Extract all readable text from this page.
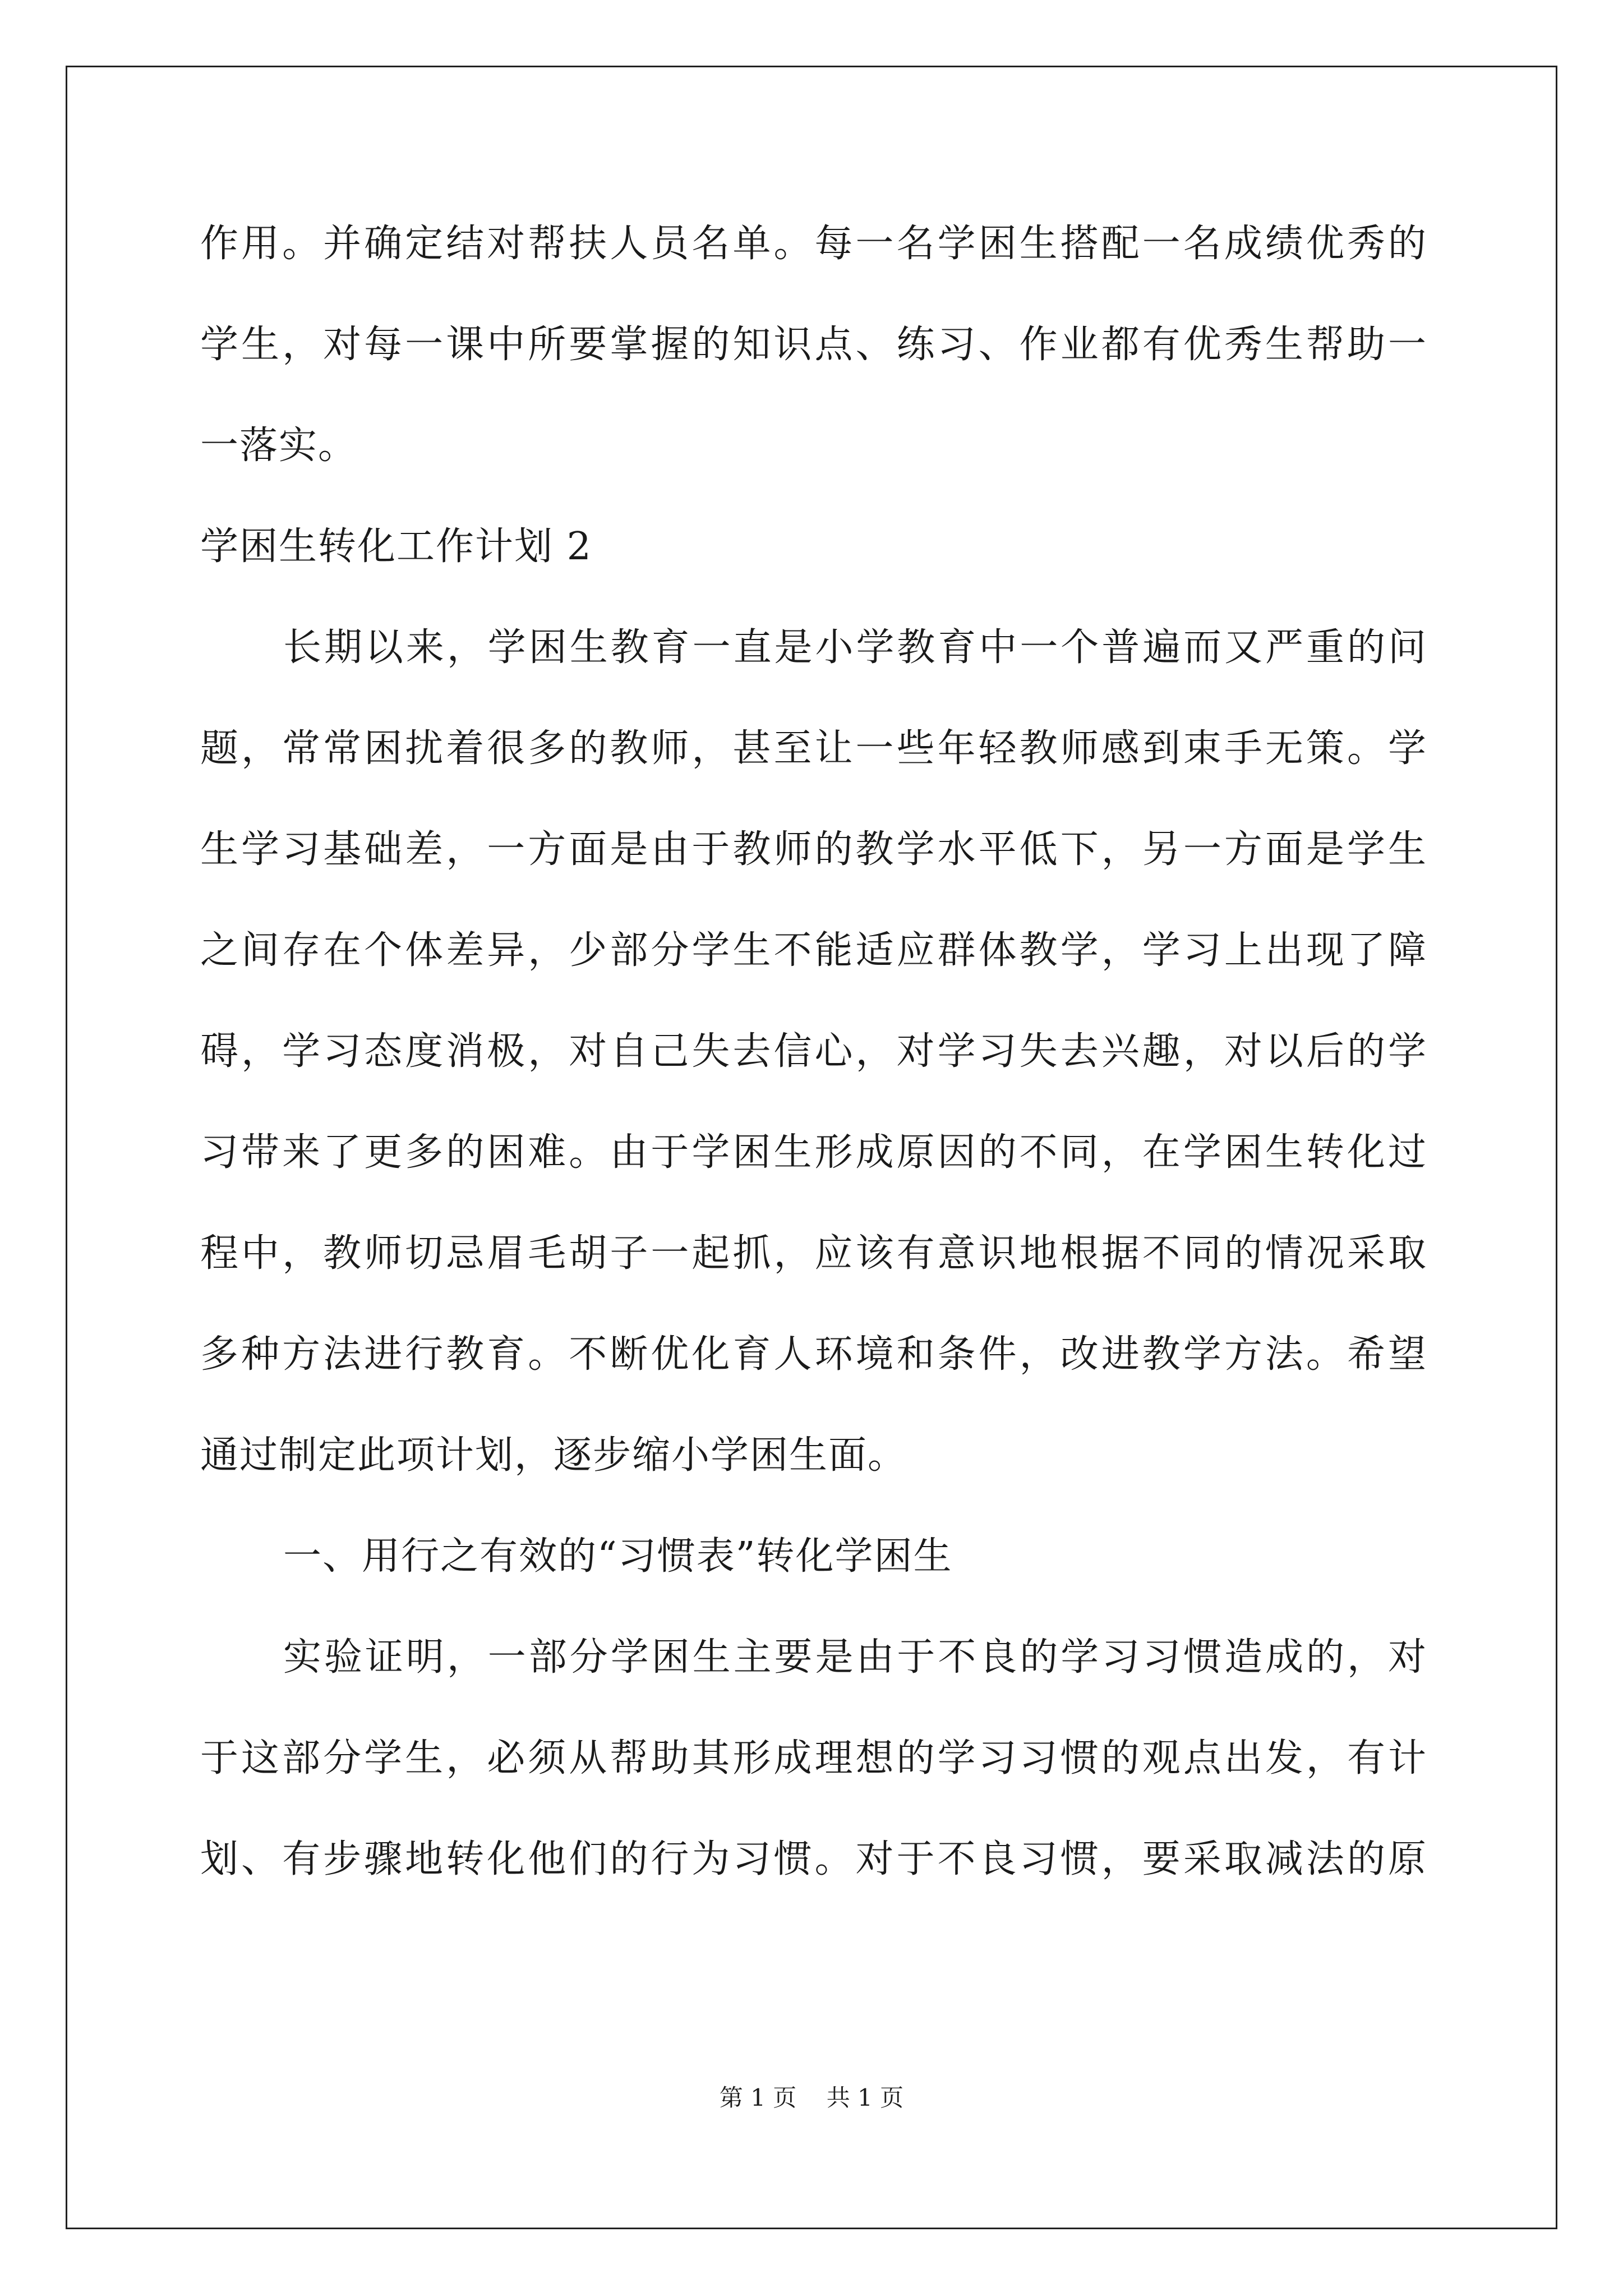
作用。并确定结对帮扶人员名单。每一名学困生搭配一名成绩优秀的
学生，对每一课中所要掌握的知识点、练习、作业都有优秀生帮助一
一落实。
学困生转化工作计划 2
长期以来，学困生教育一直是小学教育中一个普遍而又严重的问
题，常常困扰着很多的教师，甚至让一些年轻教师感到束手无策。学
生学习基础差，一方面是由于教师的教学水平低下，另一方面是学生
之间存在个体差异，少部分学生不能适应群体教学，学习上出现了障
碍，学习态度消极，对自己失去信心，对学习失去兴趣，对以后的学
习带来了更多的困难。由于学困生形成原因的不同，在学困生转化过
程中，教师切忌眉毛胡子一起抓，应该有意识地根据不同的情况采取
多种方法进行教育。不断优化育人环境和条件，改进教学方法。希望
通过制定此项计划，逐步缩小学困生面。
一、用行之有效的“习惯表”转化学困生
实验证明，一部分学困生主要是由于不良的学习习惯造成的，对
于这部分学生，必须从帮助其形成理想的学习习惯的观点出发，有计
划、有步骤地转化他们的行为习惯。对于不良习惯，要采取减法的原
第 1 页    共 1 页
